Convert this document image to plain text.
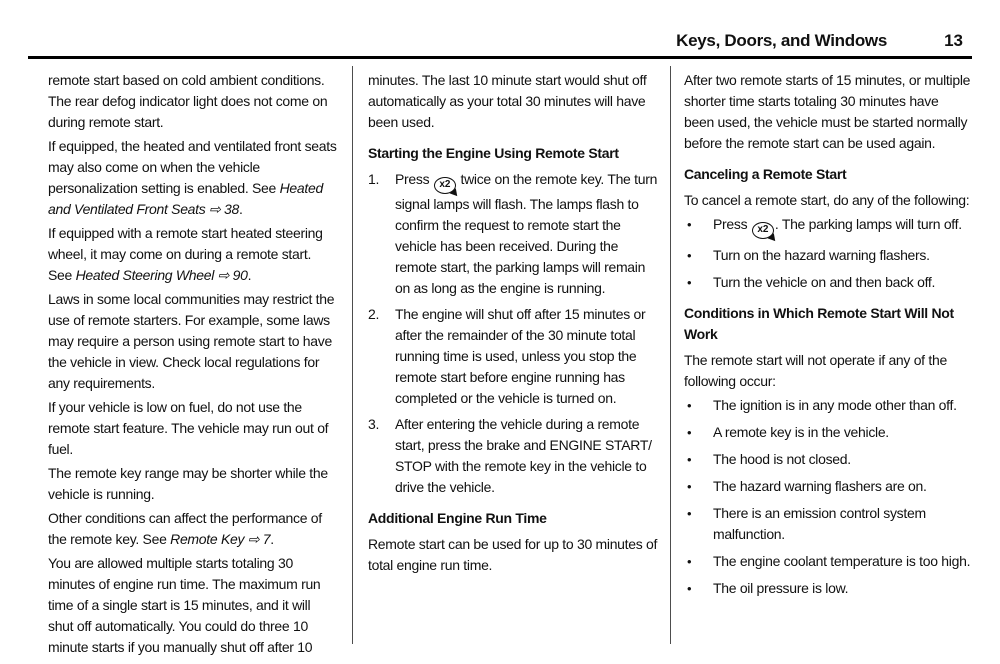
Keys, Doors, and Windows	13

remote start based on cold ambient conditions. The rear defog indicator light does not come on during remote start.

If equipped, the heated and ventilated front seats may also come on when the vehicle personalization setting is enabled. See Heated and Ventilated Front Seats ⇨ 38.

If equipped with a remote start heated steering wheel, it may come on during a remote start. See Heated Steering Wheel ⇨ 90.

Laws in some local communities may restrict the use of remote starters. For example, some laws may require a person using remote start to have the vehicle in view. Check local regulations for any requirements.

If your vehicle is low on fuel, do not use the remote start feature. The vehicle may run out of fuel.

The remote key range may be shorter while the vehicle is running.

Other conditions can affect the performance of the remote key. See Remote Key ⇨ 7.

You are allowed multiple starts totaling 30 minutes of engine run time. The maximum run time of a single start is 15 minutes, and it will shut off automatically. You could do three 10 minute starts if you manually shut off after 10

minutes. The last 10 minute start would shut off automatically as your total 30 minutes will have been used.

Starting the Engine Using Remote Start
1.	Press x2 twice on the remote key. The turn signal lamps will flash. The lamps flash to confirm the request to remote start the vehicle has been received. During the remote start, the parking lamps will remain on as long as the engine is running.
2.	The engine will shut off after 15 minutes or after the remainder of the 30 minute total running time is used, unless you stop the remote start before engine running has completed or the vehicle is turned on.
3.	After entering the vehicle during a remote start, press the brake and ENGINE START/ STOP with the remote key in the vehicle to drive the vehicle.
Additional Engine Run Time

Remote start can be used for up to 30 minutes of total engine run time.

After two remote starts of 15 minutes, or multiple shorter time starts totaling 30 minutes have been used, the vehicle must be started normally before the remote start can be used again.

Canceling a Remote Start

To cancel a remote start, do any of the following:

•	Press x2 . The parking lamps will turn off.
•	Turn on the hazard warning flashers.
•	Turn the vehicle on and then back off.
Conditions in Which Remote Start Will Not Work

The remote start will not operate if any of the following occur:

•	The ignition is in any mode other than off.
•	A remote key is in the vehicle.
•	The hood is not closed.
•	The hazard warning flashers are on.
•	There is an emission control system malfunction.
•	The engine coolant temperature is too high.
•	The oil pressure is low.
